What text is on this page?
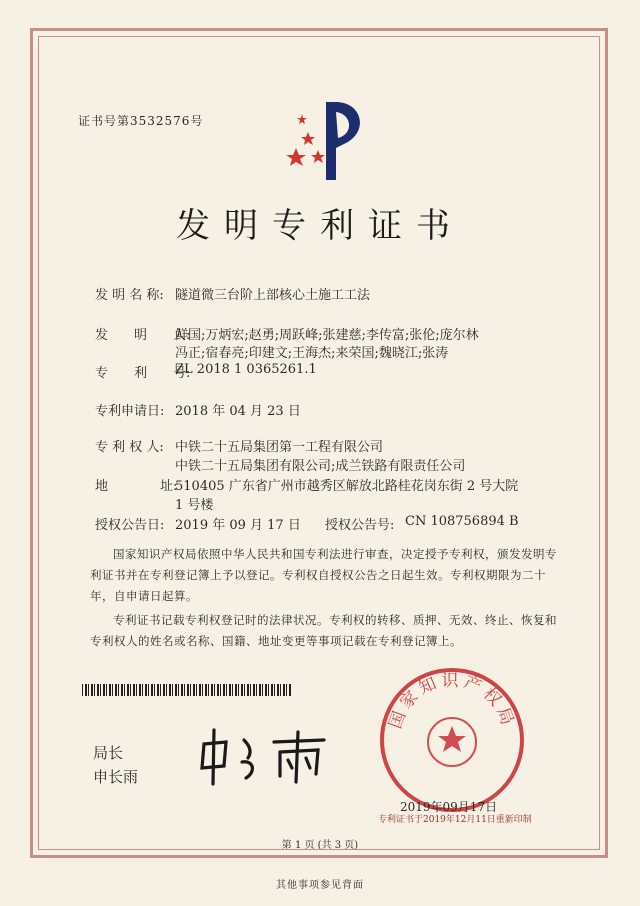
证书号第3532576号
发明专利证书
发 明 名 称: 隧道微三台阶上部核心土施工工法
发　　明　　人:
鲜国;万炳宏;赵勇;周跃峰;张建慈;李传富;张伦;庞尔林
冯正;宿春亮;印建文;王海杰;来荣国;魏晓江;张涛
专　　利　　号:
ZL 2018 1 0365261.1
专利申请日: 2018 年 04 月 23 日
专 利 权 人: 中铁二十五局集团第一工程有限公司
中铁二十五局集团有限公司;成兰铁路有限责任公司
地　　　　址:
510405 广东省广州市越秀区解放北路桂花岗东街 2 号大院
1 号楼
授权公告日: 2019 年 09 月 17 日 授权公告号: CN 108756894 B
国家知识产权局依照中华人民共和国专利法进行审查，决定授予专利权，颁发发明专利证书并在专利登记簿上予以登记。专利权自授权公告之日起生效。专利权期限为二十年，自申请日起算。
专利证书记载专利权登记时的法律状况。专利权的转移、质押、无效、终止、恢复和专利权人的姓名或名称、国籍、地址变更等事项记载在专利登记簿上。
局长
申长雨
国家知识产权局
2019年09月17日
专利证书于2019年12月11日重新印制
第 1 页 (共 3 页)
其他事项参见背面
